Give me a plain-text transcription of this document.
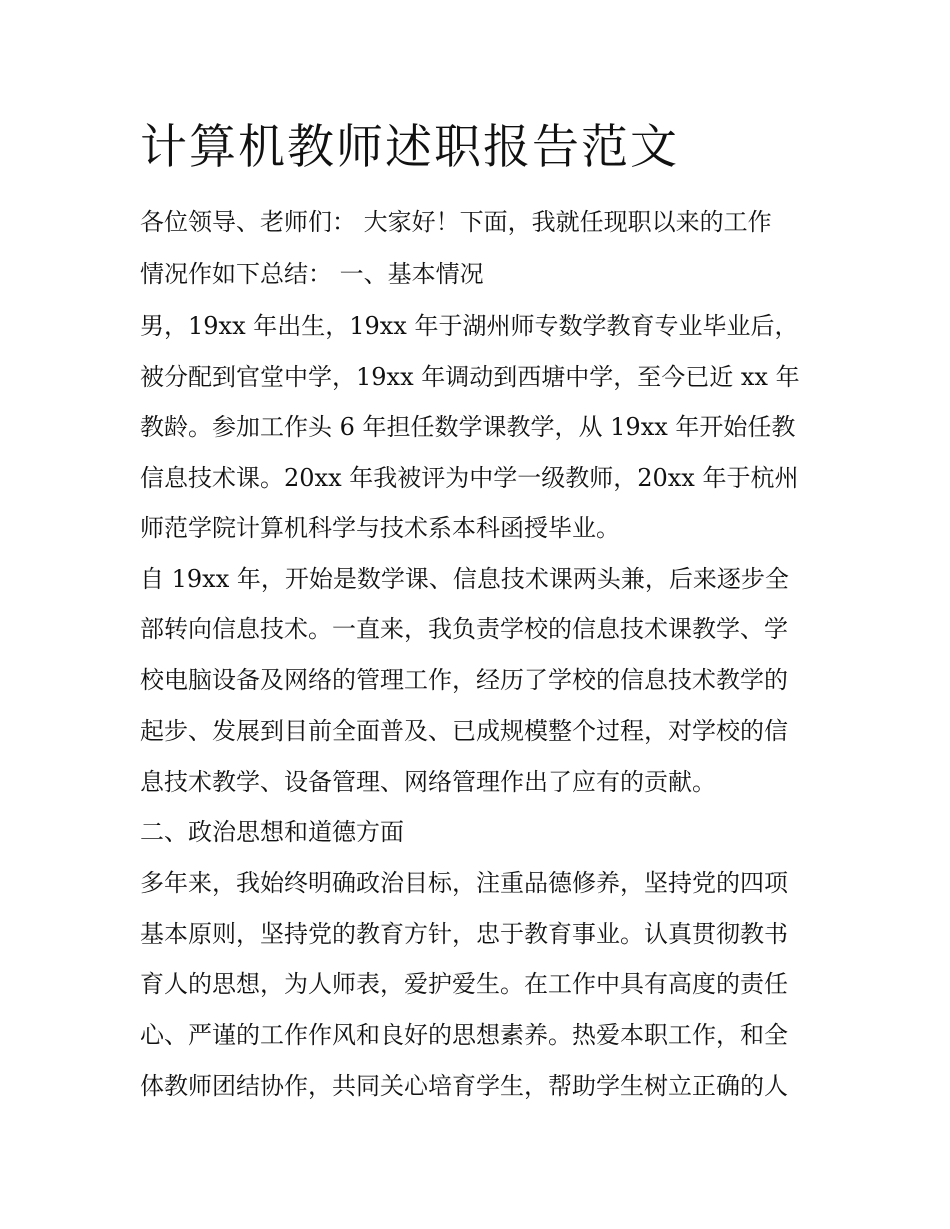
计算机教师述职报告范文

各位领导、老师们： 大家好！下面，我就任现职以来的工作

情况作如下总结： 一、基本情况

男，19xx 年出生，19xx 年于湖州师专数学教育专业毕业后，

被分配到官堂中学，19xx 年调动到西塘中学，至今已近 xx 年

教龄。参加工作头 6 年担任数学课教学，从 19xx 年开始任教

信息技术课。20xx 年我被评为中学一级教师，20xx 年于杭州

师范学院计算机科学与技术系本科函授毕业。

自 19xx 年，开始是数学课、信息技术课两头兼，后来逐步全

部转向信息技术。一直来，我负责学校的信息技术课教学、学

校电脑设备及网络的管理工作，经历了学校的信息技术教学的

起步、发展到目前全面普及、已成规模整个过程，对学校的信

息技术教学、设备管理、网络管理作出了应有的贡献。

二、政治思想和道德方面

多年来，我始终明确政治目标，注重品德修养，坚持党的四项

基本原则，坚持党的教育方针，忠于教育事业。认真贯彻教书

育人的思想，为人师表，爱护爱生。在工作中具有高度的责任

心、严谨的工作作风和良好的思想素养。热爱本职工作，和全

体教师团结协作，共同关心培育学生，帮助学生树立正确的人
